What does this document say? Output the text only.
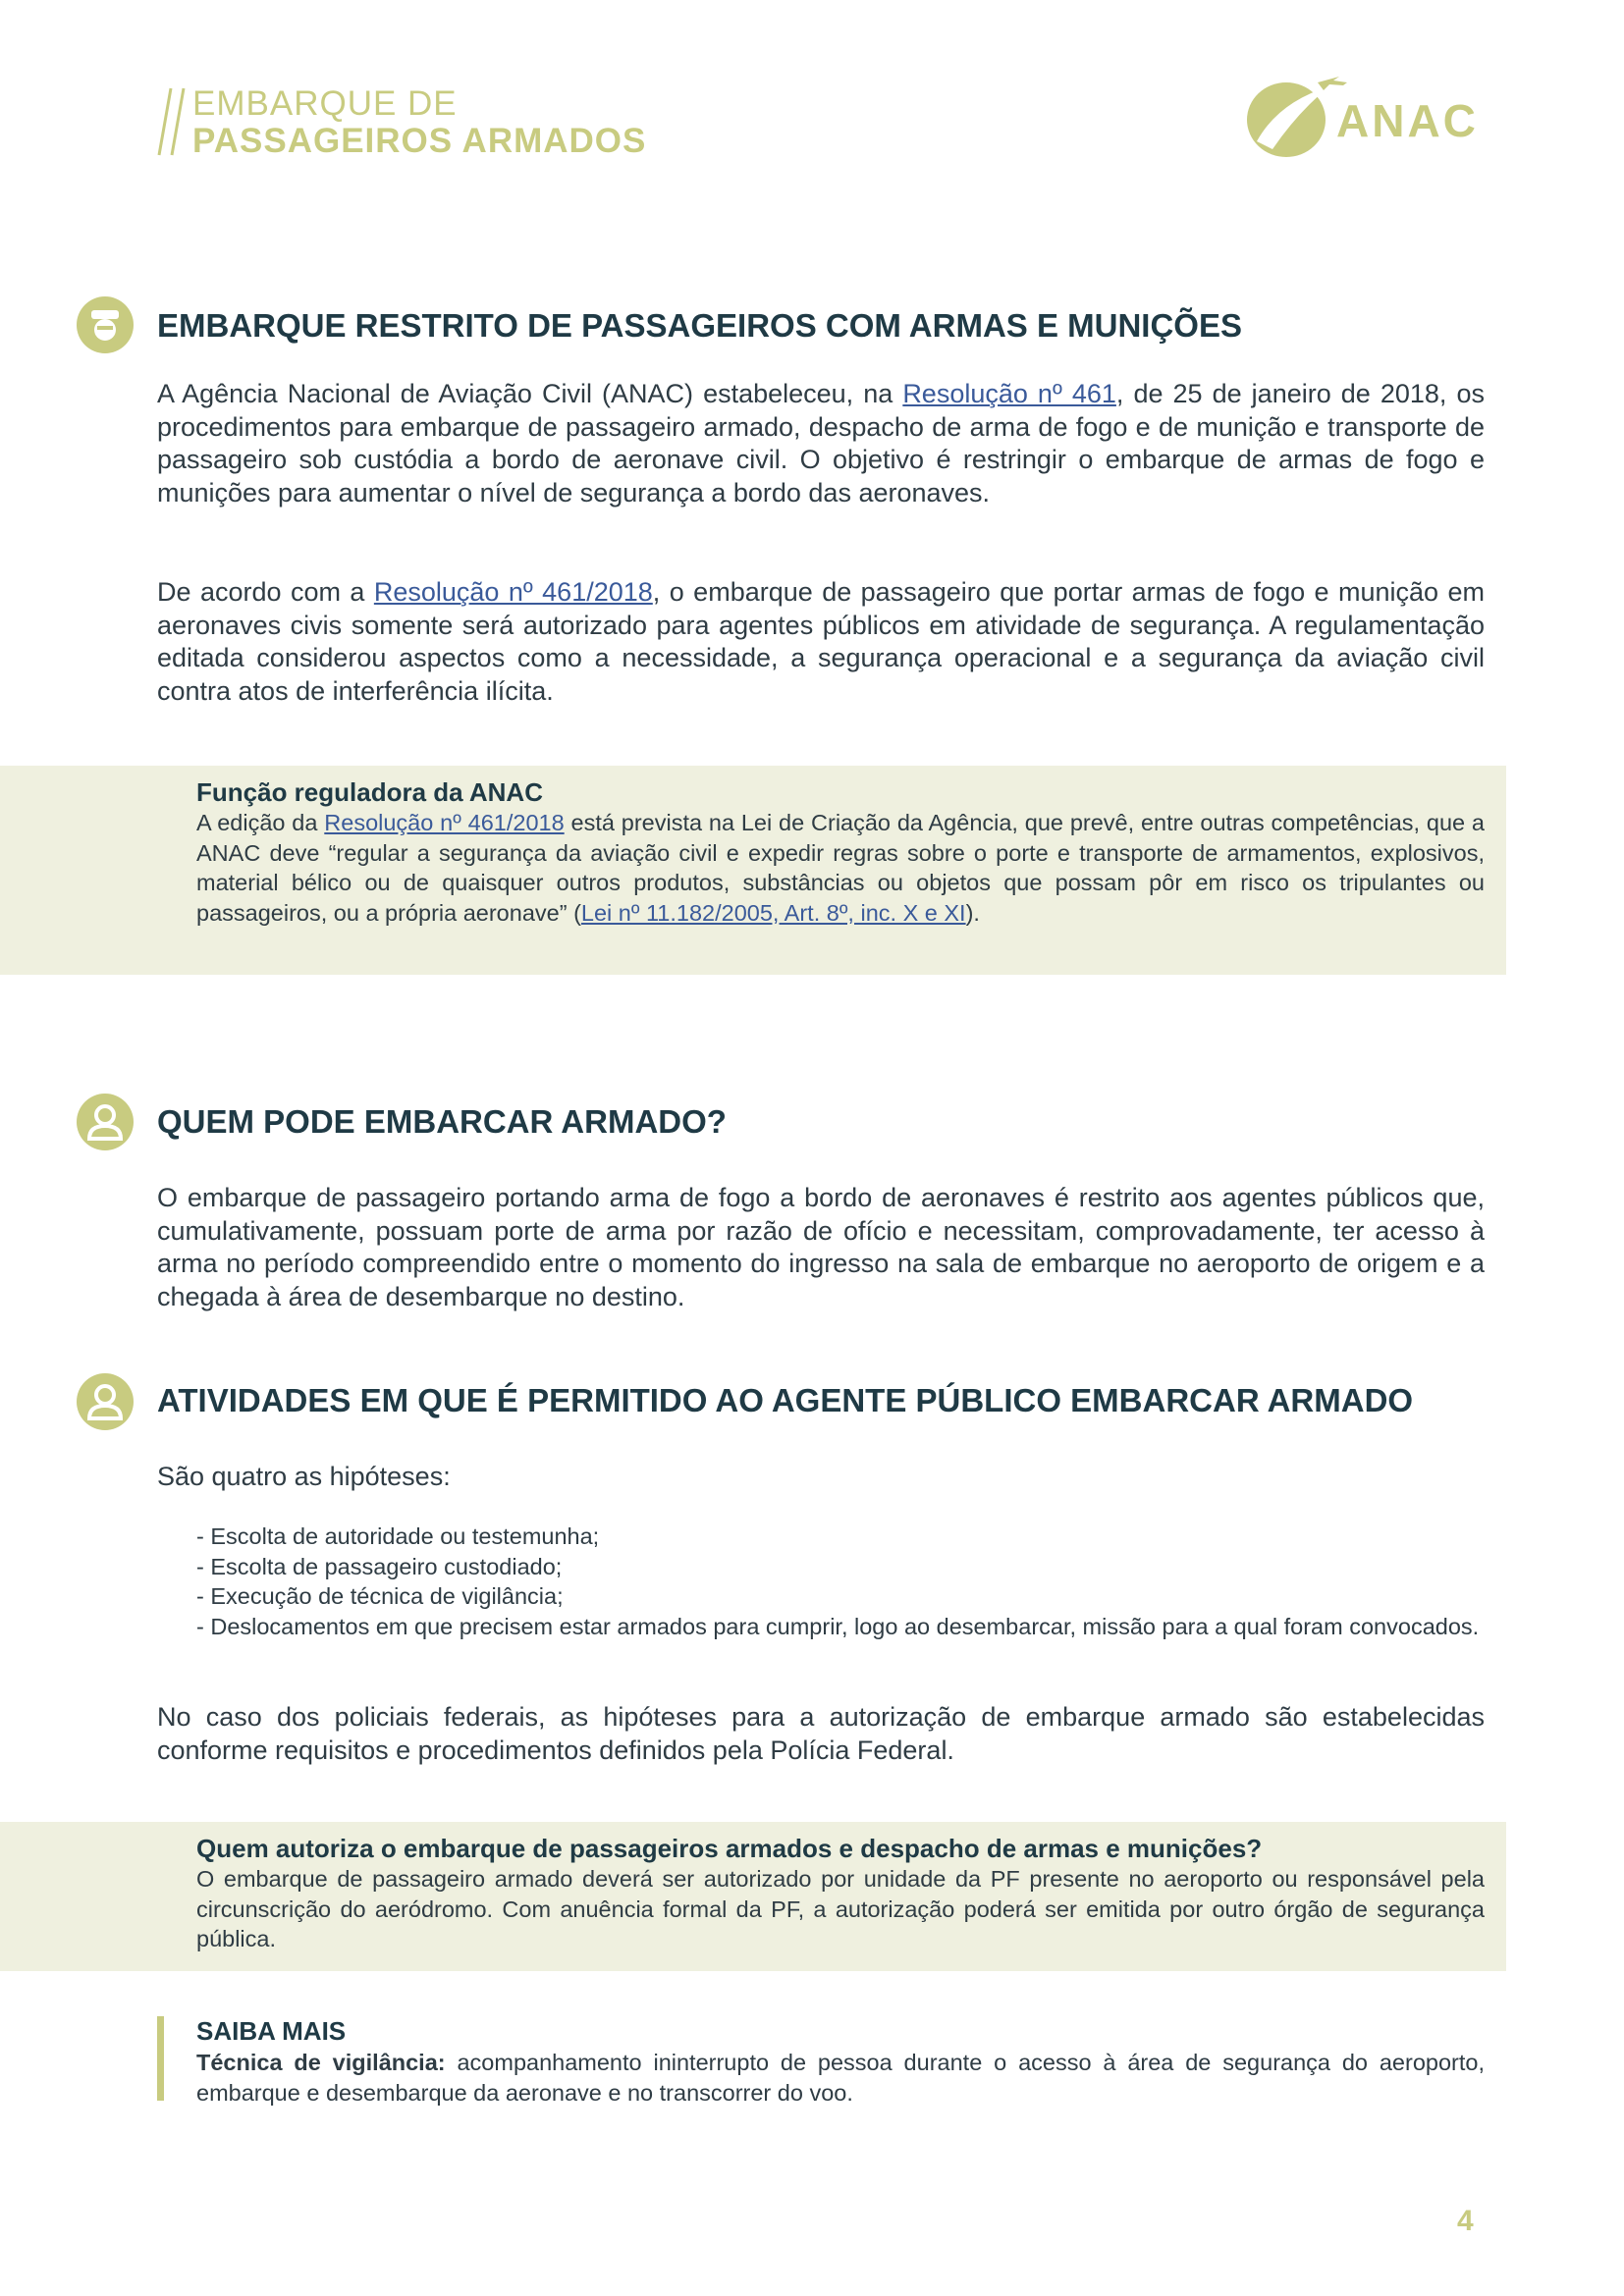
EMBARQUE DE
PASSAGEIROS ARMADOS	ANAC
EMBARQUE RESTRITO DE PASSAGEIROS COM ARMAS E MUNIÇÕES
A Agência Nacional de Aviação Civil (ANAC) estabeleceu, na Resolução nº 461, de 25 de janeiro de 2018, os procedimentos para embarque de passageiro armado, despacho de arma de fogo e de munição e transporte de passageiro sob custódia a bordo de aeronave civil. O objetivo é restringir o embarque de armas de fogo e munições para aumentar o nível de segurança a bordo das aeronaves.
De acordo com a Resolução nº 461/2018, o embarque de passageiro que portar armas de fogo e munição em aeronaves civis somente será autorizado para agentes públicos em atividade de segurança. A regulamentação editada considerou aspectos como a necessidade, a segurança operacional e a segurança da aviação civil contra atos de interferência ilícita.
Função reguladora da ANAC
A edição da Resolução nº 461/2018 está prevista na Lei de Criação da Agência, que prevê, entre outras competências, que a ANAC deve “regular a segurança da aviação civil e expedir regras sobre o porte e transporte de armamentos, explosivos, material bélico ou de quaisquer outros produtos, substâncias ou objetos que possam pôr em risco os tripulantes ou passageiros, ou a própria aeronave” (Lei nº 11.182/2005, Art. 8º, inc. X e XI).
QUEM PODE EMBARCAR ARMADO?
O embarque de passageiro portando arma de fogo a bordo de aeronaves é restrito aos agentes públicos que, cumulativamente, possuam porte de arma por razão de ofício e necessitam, comprovadamente, ter acesso à arma no período compreendido entre o momento do ingresso na sala de embarque no aeroporto de origem e a chegada à área de desembarque no destino.
ATIVIDADES EM QUE É PERMITIDO AO AGENTE PÚBLICO EMBARCAR ARMADO
São quatro as hipóteses:
- Escolta de autoridade ou testemunha;
- Escolta de passageiro custodiado;
- Execução de técnica de vigilância;
- Deslocamentos em que precisem estar armados para cumprir, logo ao desembarcar, missão para a qual foram convocados.
No caso dos policiais federais, as hipóteses para a autorização de embarque armado são estabelecidas conforme requisitos e procedimentos definidos pela Polícia Federal.
Quem autoriza o embarque de passageiros armados e despacho de armas e munições?
O embarque de passageiro armado deverá ser autorizado por unidade da PF presente no aeroporto ou responsável pela circunscrição do aeródromo. Com anuência formal da PF, a autorização poderá ser emitida por outro órgão de segurança pública.
SAIBA MAIS
Técnica de vigilância: acompanhamento ininterrupto de pessoa durante o acesso à área de segurança do aeroporto, embarque e desembarque da aeronave e no transcorrer do voo.
4
